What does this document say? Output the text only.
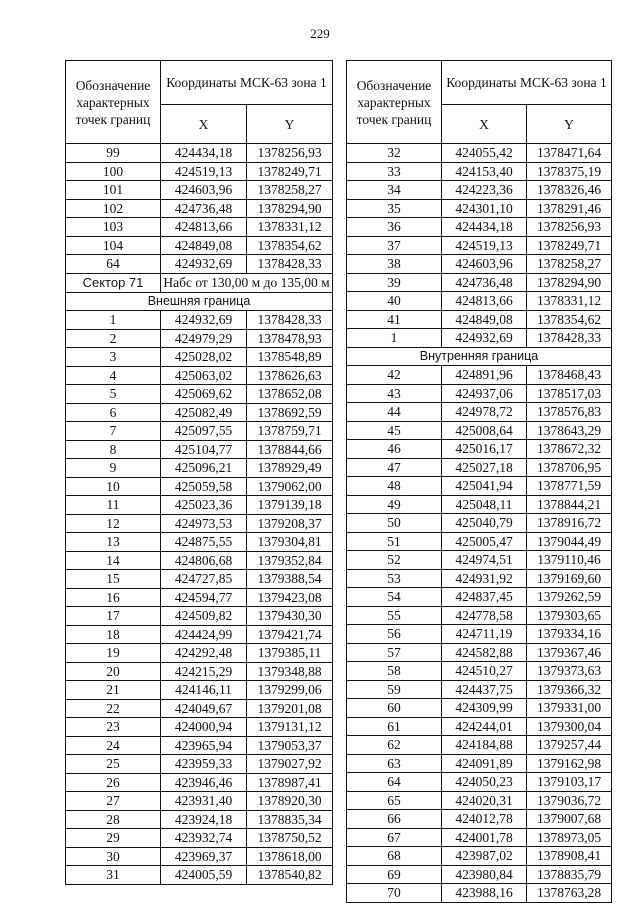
229
Обозначение характерных точек границ	Координаты МСК-63 зона 1	
	X	Y
99	424434,18	1378256,93
100	424519,13	1378249,71
101	424603,96	1378258,27
102	424736,48	1378294,90
103	424813,66	1378331,12
104	424849,08	1378354,62
64	424932,69	1378428,33
Сектор 71	Набс от 130,00 м до 135,00 м	

Внешняя граница		
1	424932,69	1378428,33
2	424979,29	1378478,93
3	425028,02	1378548,89
4	425063,02	1378626,63
5	425069,62	1378652,08
6	425082,49	1378692,59
7	425097,55	1378759,71
8	425104,77	1378844,66
9	425096,21	1378929,49
10	425059,58	1379062,00
11	425023,36	1379139,18
12	424973,53	1379208,37
13	424875,55	1379304,81
14	424806,68	1379352,84
15	424727,85	1379388,54
16	424594,77	1379423,08
17	424509,82	1379430,30
18	424424,99	1379421,74
19	424292,48	1379385,11
20	424215,29	1379348,88
21	424146,11	1379299,06
22	424049,67	1379201,08
23	424000,94	1379131,12
24	423965,94	1379053,37
25	423959,33	1379027,92
26	423946,46	1378987,41
27	423931,40	1378920,30
28	423924,18	1378835,34
29	423932,74	1378750,52
30	423969,37	1378618,00
31	424005,59	1378540,82
Обозначение характерных точек границ	Координаты МСК-63 зона 1	
	X	Y
32	424055,42	1378471,64
33	424153,40	1378375,19
34	424223,36	1378326,46
35	424301,10	1378291,46
36	424434,18	1378256,93
37	424519,13	1378249,71
38	424603,96	1378258,27
39	424736,48	1378294,90
40	424813,66	1378331,12
41	424849,08	1378354,62
1	424932,69	1378428,33
Внутренняя граница		
42	424891,96	1378468,43
43	424937,06	1378517,03
44	424978,72	1378576,83
45	425008,64	1378643,29
46	425016,17	1378672,32
47	425027,18	1378706,95
48	425041,94	1378771,59
49	425048,11	1378844,21
50	425040,79	1378916,72
51	425005,47	1379044,49
52	424974,51	1379110,46
53	424931,92	1379169,60
54	424837,45	1379262,59
55	424778,58	1379303,65
56	424711,19	1379334,16
57	424582,88	1379367,46
58	424510,27	1379373,63
59	424437,75	1379366,32
60	424309,99	1379331,00
61	424244,01	1379300,04
62	424184,88	1379257,44
63	424091,89	1379162,98
64	424050,23	1379103,17
65	424020,31	1379036,72
66	424012,78	1379007,68
67	424001,78	1378973,05
68	423987,02	1378908,41
69	423980,84	1378835,79
70	423988,16	1378763,28
